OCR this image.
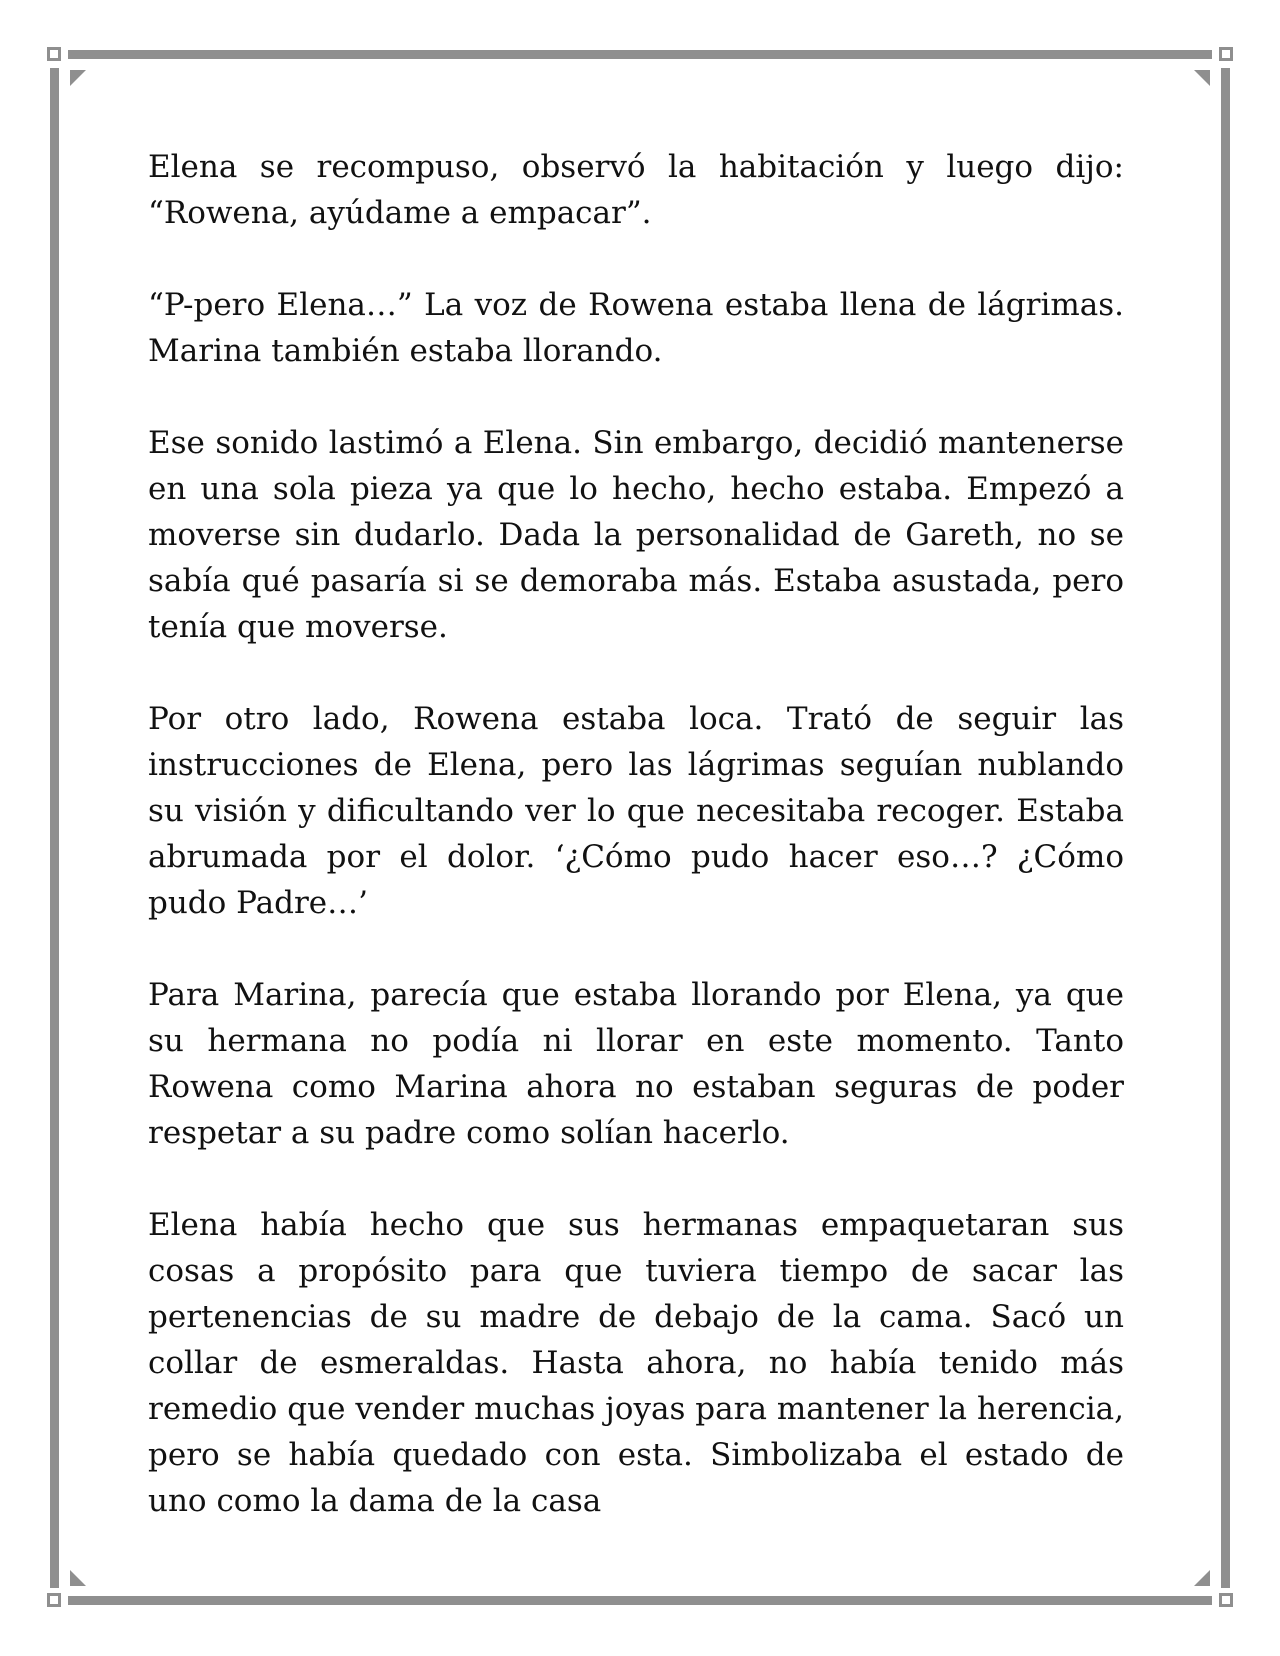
Elena se recompuso, observó la habitación y luego dijo: “Rowena, ayúdame a empacar”.

“P-pero Elena…” La voz de Rowena estaba llena de lágrimas. Marina también estaba llorando.

Ese sonido lastimó a Elena. Sin embargo, decidió mantenerse en una sola pieza ya que lo hecho, hecho estaba. Empezó a moverse sin dudarlo. Dada la personalidad de Gareth, no se sabía qué pasaría si se demoraba más. Estaba asustada, pero tenía que moverse.

Por otro lado, Rowena estaba loca. Trató de seguir las instrucciones de Elena, pero las lágrimas seguían nublando su visión y dificultando ver lo que necesitaba recoger. Estaba abrumada por el dolor. ‘¿Cómo pudo hacer eso…? ¿Cómo pudo Padre…’

Para Marina, parecía que estaba llorando por Elena, ya que su hermana no podía ni llorar en este momento. Tanto Rowena como Marina ahora no estaban seguras de poder respetar a su padre como solían hacerlo.

Elena había hecho que sus hermanas empaquetaran sus cosas a propósito para que tuviera tiempo de sacar las pertenencias de su madre de debajo de la cama. Sacó un collar de esmeraldas. Hasta ahora, no había tenido más remedio que vender muchas joyas para mantener la herencia, pero se había quedado con esta. Simbolizaba el estado de uno como la dama de la casa
